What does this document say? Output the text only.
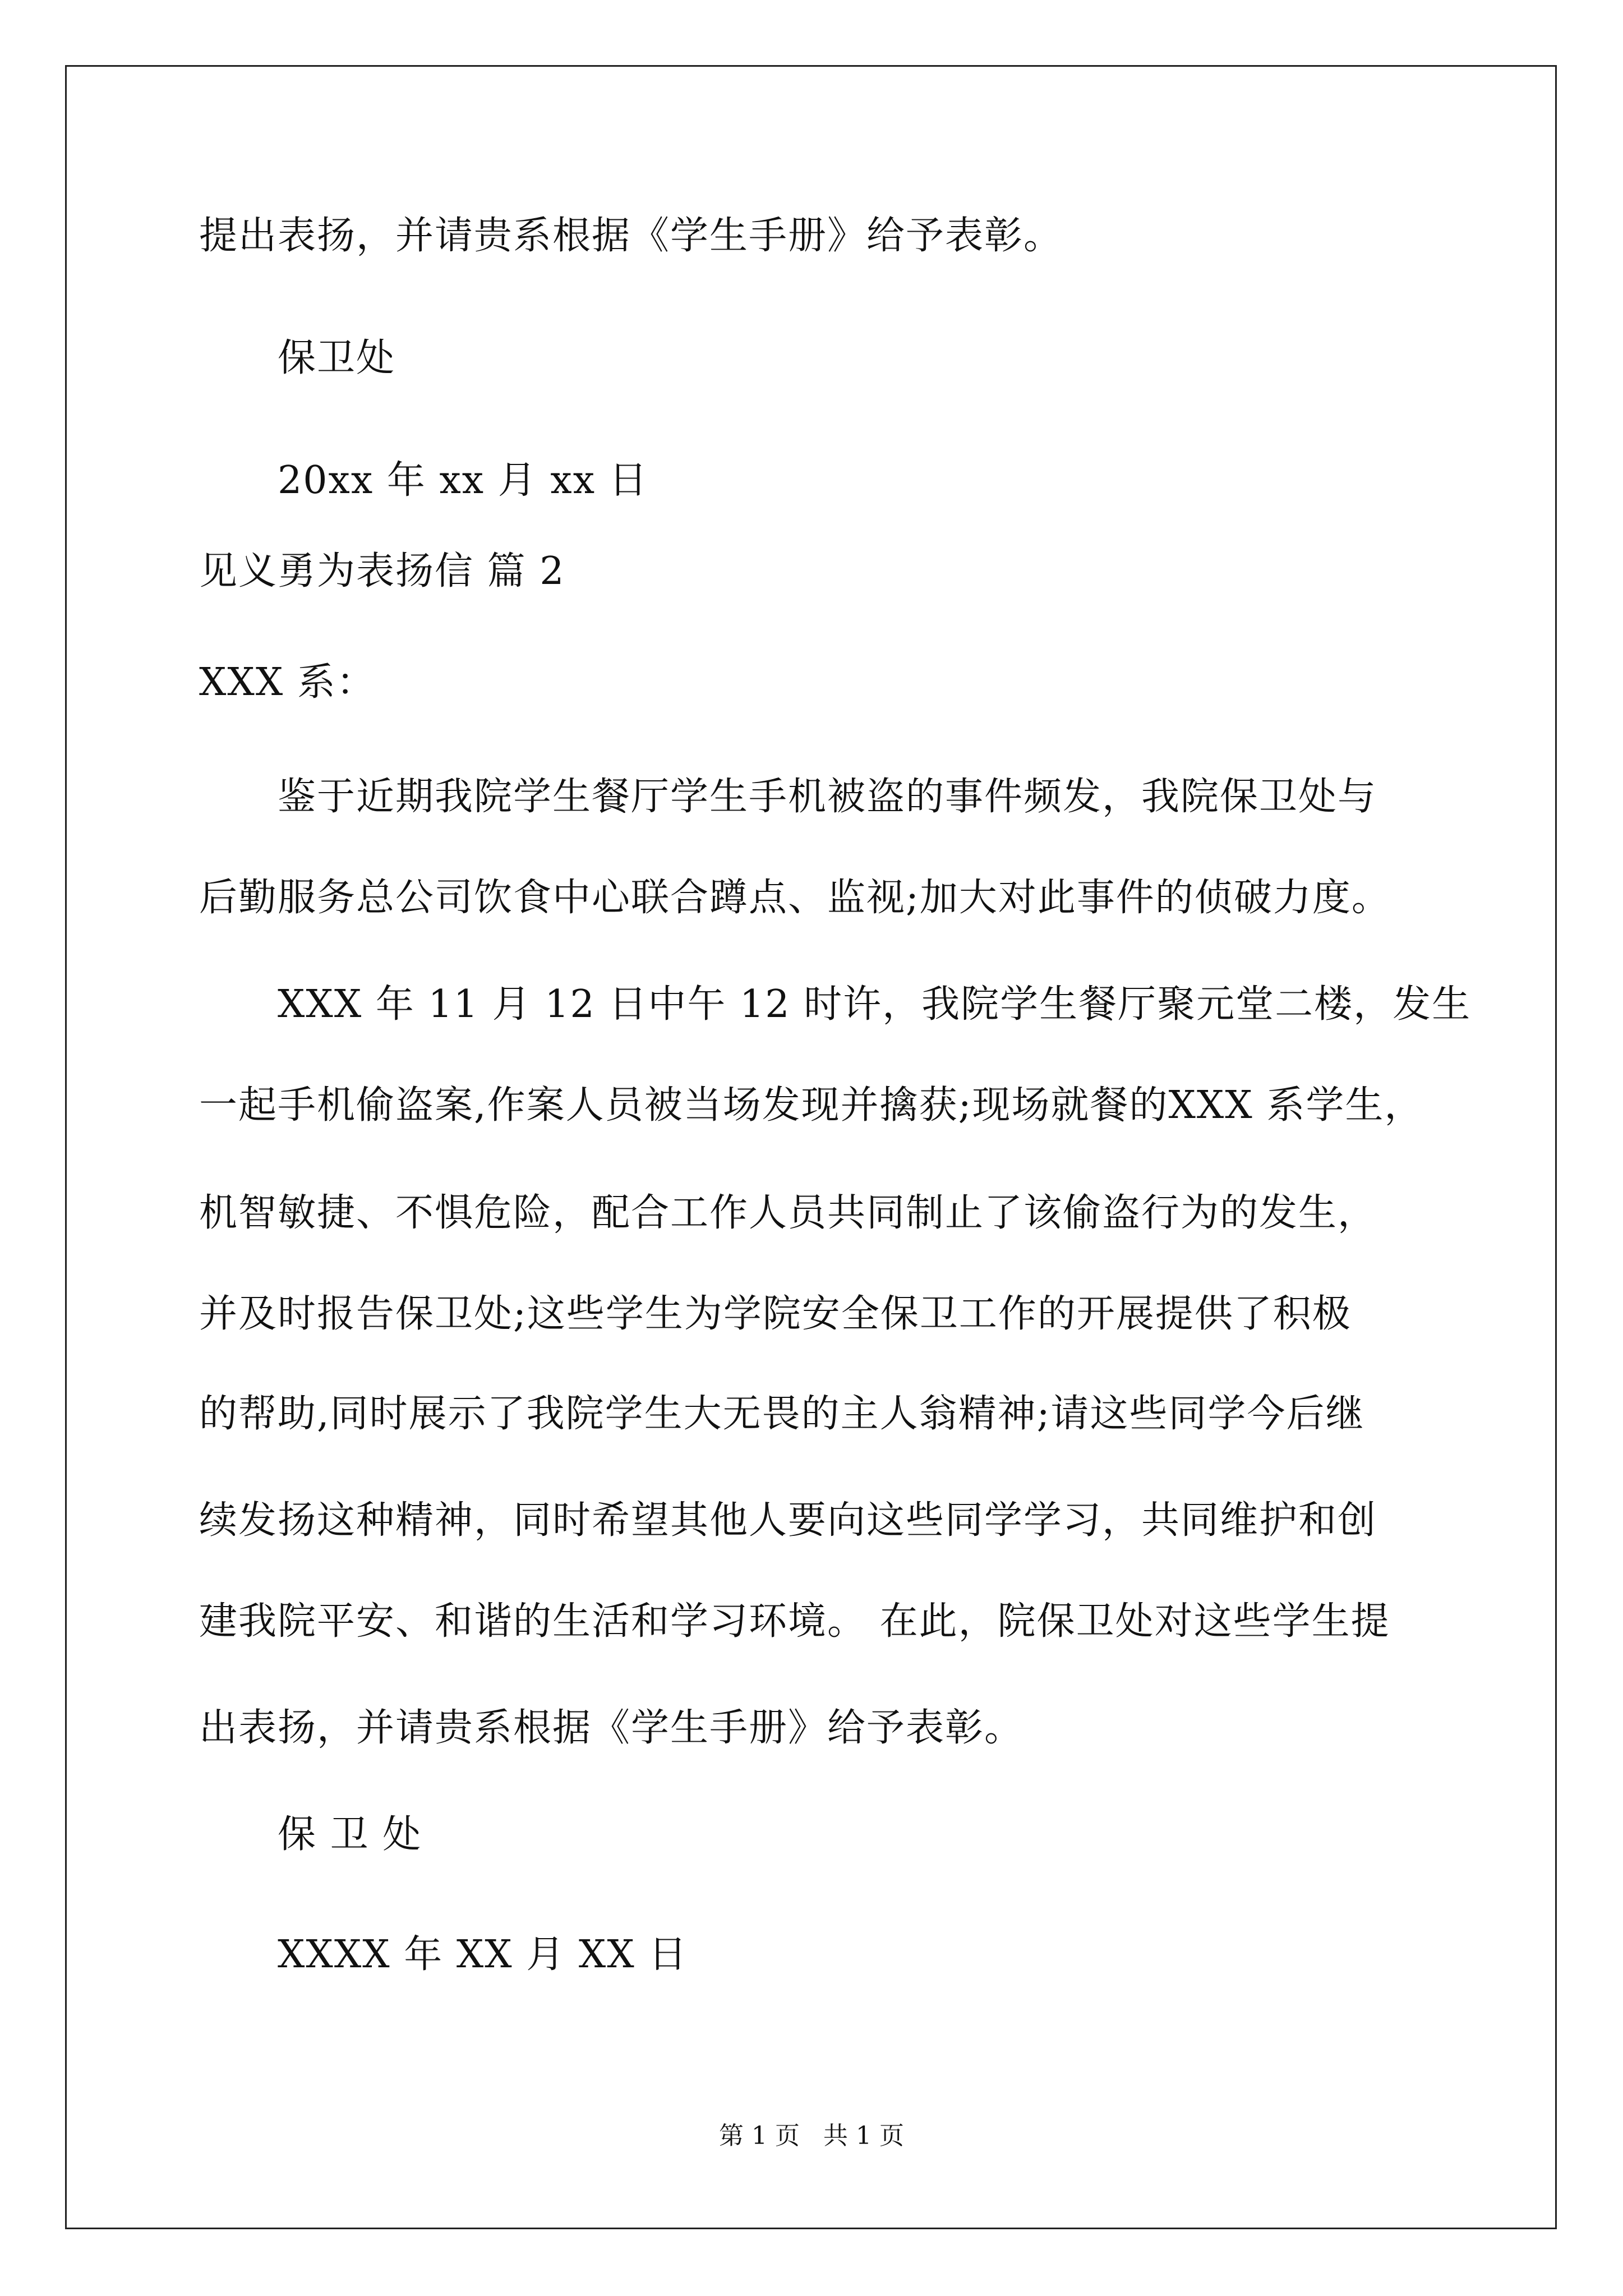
提出表扬，并请贵系根据《学生手册》给予表彰。
保卫处
20xx 年 xx 月 xx 日
见义勇为表扬信 篇 2
XXX 系：
鉴于近期我院学生餐厅学生手机被盗的事件频发，我院保卫处与
后勤服务总公司饮食中心联合蹲点、监视;加大对此事件的侦破力度。
XXX 年 11 月 12 日中午 12 时许，我院学生餐厅聚元堂二楼，发生
一起手机偷盗案,作案人员被当场发现并擒获;现场就餐的XXX 系学生，
机智敏捷、不惧危险，配合工作人员共同制止了该偷盗行为的发生，
并及时报告保卫处;这些学生为学院安全保卫工作的开展提供了积极
的帮助,同时展示了我院学生大无畏的主人翁精神;请这些同学今后继
续发扬这种精神，同时希望其他人要向这些同学学习，共同维护和创
建我院平安、和谐的生活和学习环境。 在此，院保卫处对这些学生提
出表扬，并请贵系根据《学生手册》给予表彰。
保 卫 处
XXXX 年 XX 月 XX 日
第 1 页   共 1 页
